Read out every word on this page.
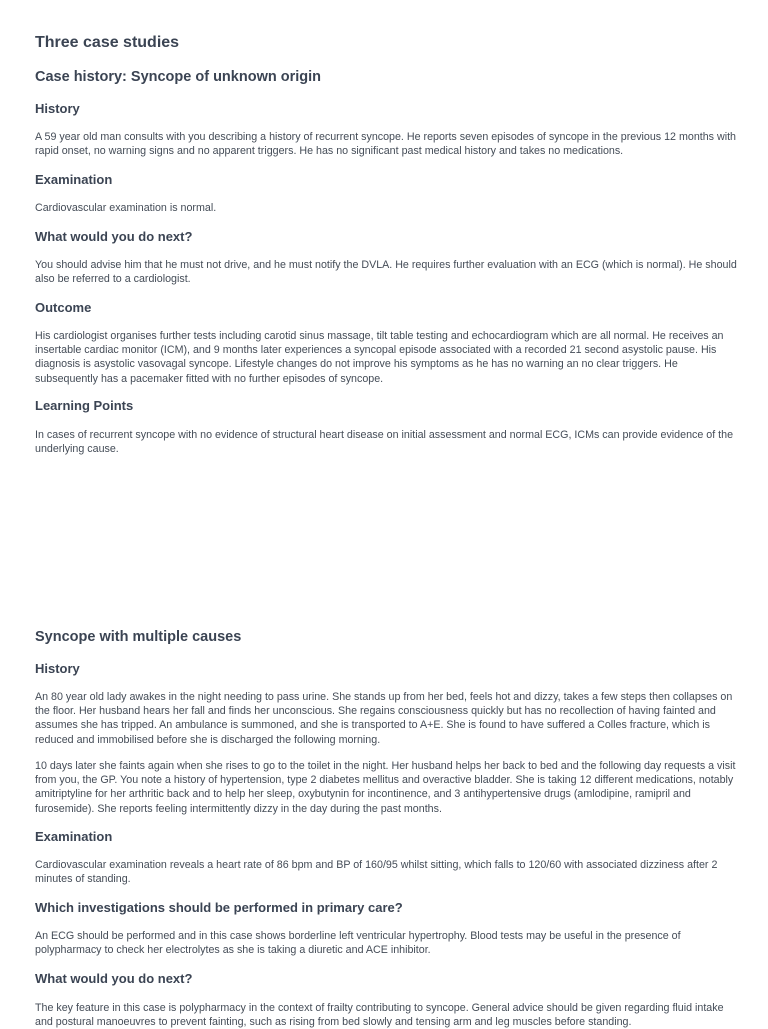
Three case studies
Case history: Syncope of unknown origin
History

A 59 year old man consults with you describing a history of recurrent syncope. He reports seven episodes of syncope in the previous 12 months with rapid onset, no warning signs and no apparent triggers. He has no significant past medical history and takes no medications.

Examination

Cardiovascular examination is normal.

What would you do next?

You should advise him that he must not drive, and he must notify the DVLA. He requires further evaluation with an ECG (which is normal). He should also be referred to a cardiologist.

Outcome

His cardiologist organises further tests including carotid sinus massage, tilt table testing and echocardiogram which are all normal. He receives an insertable cardiac monitor (ICM), and 9 months later experiences a syncopal episode associated with a recorded 21 second asystolic pause. His diagnosis is asystolic vasovagal syncope. Lifestyle changes do not improve his symptoms as he has no warning an no clear triggers. He subsequently has a pacemaker fitted with no further episodes of syncope.

Learning Points

In cases of recurrent syncope with no evidence of structural heart disease on initial assessment and normal ECG, ICMs can provide evidence of the underlying cause.

Syncope with multiple causes
History

An 80 year old lady awakes in the night needing to pass urine. She stands up from her bed, feels hot and dizzy, takes a few steps then collapses on the floor. Her husband hears her fall and finds her unconscious. She regains consciousness quickly but has no recollection of having fainted and assumes she has tripped. An ambulance is summoned, and she is transported to A+E. She is found to have suffered a Colles fracture, which is reduced and immobilised before she is discharged the following morning.

10 days later she faints again when she rises to go to the toilet in the night. Her husband helps her back to bed and the following day requests a visit from you, the GP. You note a history of hypertension, type 2 diabetes mellitus and overactive bladder. She is taking 12 different medications, notably amitriptyline for her arthritic back and to help her sleep, oxybutynin for incontinence, and 3 antihypertensive drugs (amlodipine, ramipril and furosemide). She reports feeling intermittently dizzy in the day during the past months.

Examination

Cardiovascular examination reveals a heart rate of 86 bpm and BP of 160/95 whilst sitting, which falls to 120/60 with associated dizziness after 2 minutes of standing.

Which investigations should be performed in primary care?

An ECG should be performed and in this case shows borderline left ventricular hypertrophy. Blood tests may be useful in the presence of polypharmacy to check her electrolytes as she is taking a diuretic and ACE inhibitor.

What would you do next?

The key feature in this case is polypharmacy in the context of frailty contributing to syncope. General advice should be given regarding fluid intake and postural manoeuvres to prevent fainting, such as rising from bed slowly and tensing arm and leg muscles before standing.
